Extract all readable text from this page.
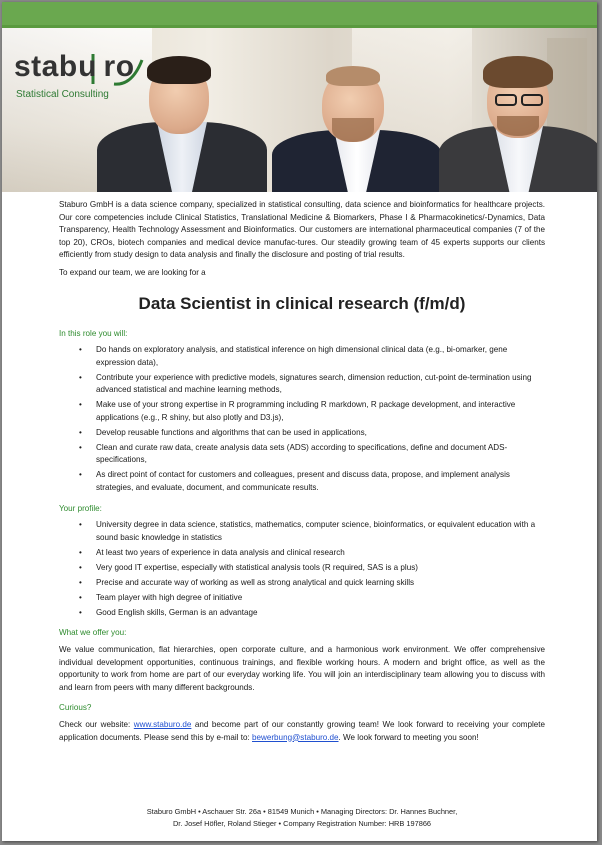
stabu ro
Statistical Consulting

Staburo GmbH is a data science company, specialized in statistical consulting, data science and bioinformatics for healthcare projects. Our core competencies include Clinical Statistics, Translational Medicine & Biomarkers, Phase I & Pharmacokinetics/-Dynamics, Data Transparency, Health Technology Assessment and Bioinformatics. Our customers are international pharmaceutical companies (7 of the top 20), CROs, biotech companies and medical device manufac-tures. Our steadily growing team of 45 experts supports our clients efficiently from study design to data analysis and finally the disclosure and posting of trial results.

To expand our team, we are looking for a

Data Scientist in clinical research (f/m/d)
In this role you will:
• Do hands on exploratory analysis, and statistical inference on high dimensional clinical data (e.g., bi-omarker, gene expression data),
• Contribute your experience with predictive models, signatures search, dimension reduction, cut-point de-termination using advanced statistical and machine learning methods,
• Make use of your strong expertise in R programming including R markdown, R package development, and interactive applications (e.g., R shiny, but also plotly and D3.js),
• Develop reusable functions and algorithms that can be used in applications,
• Clean and curate raw data, create analysis data sets (ADS) according to specifications, define and document ADS-specifications,
• As direct point of contact for customers and colleagues, present and discuss data, propose, and implement analysis strategies, and evaluate, document, and communicate results.
Your profile:
• University degree in data science, statistics, mathematics, computer science, bioinformatics, or equivalent education with a sound basic knowledge in statistics
• At least two years of experience in data analysis and clinical research
• Very good IT expertise, especially with statistical analysis tools (R required, SAS is a plus)
• Precise and accurate way of working as well as strong analytical and quick learning skills
• Team player with high degree of initiative
• Good English skills, German is an advantage
What we offer you:

We value communication, flat hierarchies, open corporate culture, and a harmonious work environment. We offer comprehensive individual development opportunities, continuous trainings, and flexible working hours. A modern and bright office, as well as the opportunity to work from home are part of our everyday working life. You will join an interdisciplinary team allowing you to discuss with and learn from peers with many different backgrounds.

Curious?

Check our website: www.staburo.de and become part of our constantly growing team! We look forward to receiving your complete application documents. Please send this by e-mail to: bewerbung@staburo.de. We look forward to meeting you soon!

Staburo GmbH • Aschauer Str. 26a • 81549 Munich • Managing Directors: Dr. Hannes Buchner,
Dr. Josef Höfler, Roland Stieger • Company Registration Number: HRB 197866
